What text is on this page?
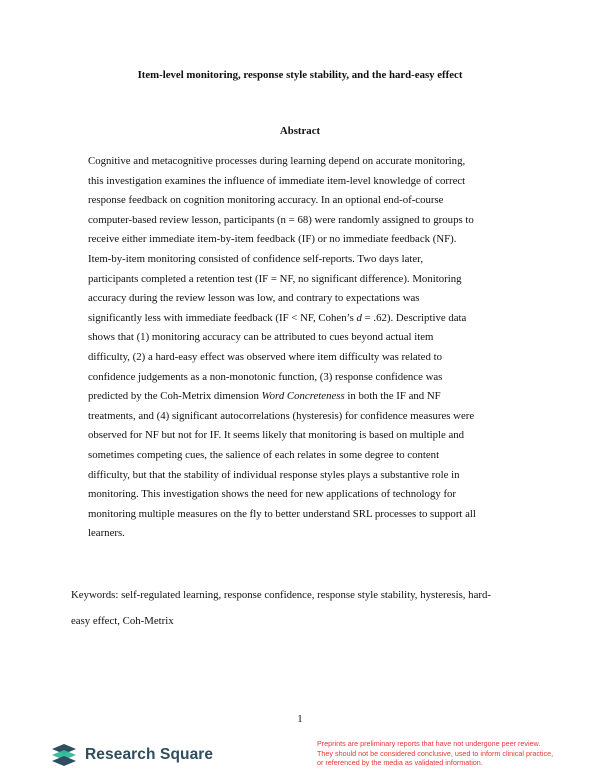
Item-level monitoring, response style stability, and the hard-easy effect
Abstract
Cognitive and metacognitive processes during learning depend on accurate monitoring,
this investigation examines the influence of immediate item-level knowledge of correct
response feedback on cognition monitoring accuracy. In an optional end-of-course
computer-based review lesson, participants (n = 68) were randomly assigned to groups to
receive either immediate item-by-item feedback (IF) or no immediate feedback (NF).
Item-by-item monitoring consisted of confidence self-reports. Two days later,
participants completed a retention test (IF = NF, no significant difference). Monitoring
accuracy during the review lesson was low, and contrary to expectations was
significantly less with immediate feedback (IF < NF, Cohen’s d = .62). Descriptive data
shows that (1) monitoring accuracy can be attributed to cues beyond actual item
difficulty, (2) a hard-easy effect was observed where item difficulty was related to
confidence judgements as a non-monotonic function, (3) response confidence was
predicted by the Coh-Metrix dimension Word Concreteness in both the IF and NF
treatments, and (4) significant autocorrelations (hysteresis) for confidence measures were
observed for NF but not for IF. It seems likely that monitoring is based on multiple and
sometimes competing cues, the salience of each relates in some degree to content
difficulty, but that the stability of individual response styles plays a substantive role in
monitoring. This investigation shows the need for new applications of technology for
monitoring multiple measures on the fly to better understand SRL processes to support all
learners.
Keywords: self-regulated learning, response confidence, response style stability, hysteresis, hard-
easy effect, Coh-Metrix
1
Research Square
Preprints are preliminary reports that have not undergone peer review.
They should not be considered conclusive, used to inform clinical practice,
or referenced by the media as validated information.
